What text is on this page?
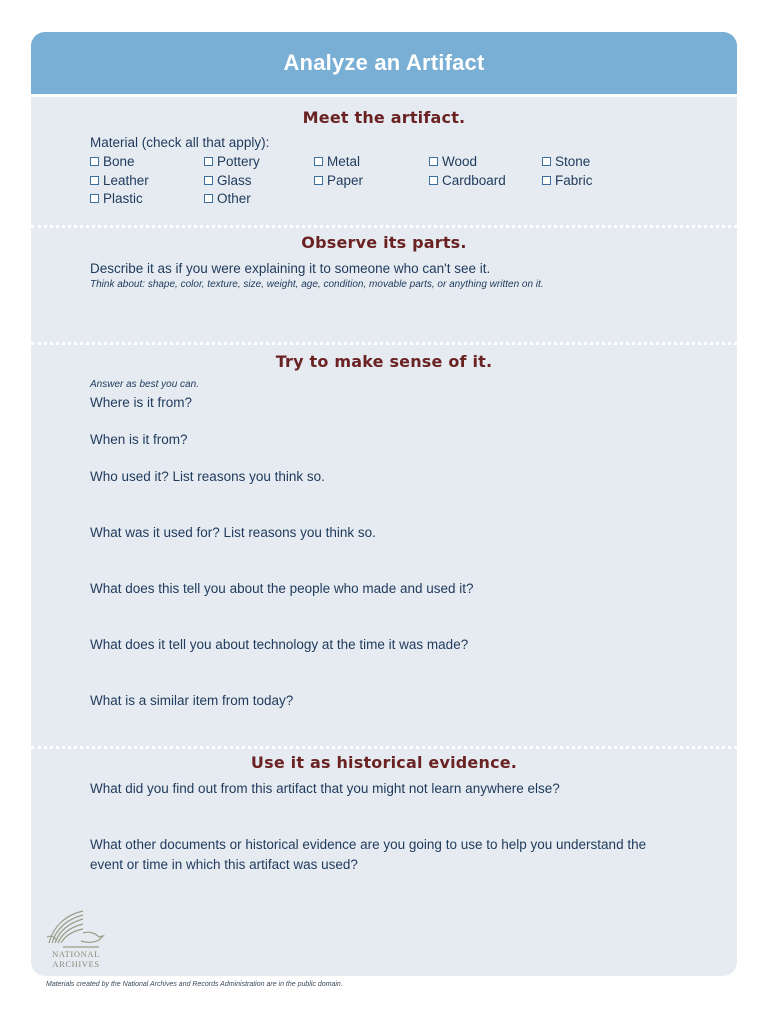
Analyze an Artifact

Meet the artifact.

Material (check all that apply):
Bone	Pottery	Metal	Wood	Stone
Leather	Glass	Paper	Cardboard	Fabric
Plastic	Other

Observe its parts.

Describe it as if you were explaining it to someone who can't see it.
Think about: shape, color, texture, size, weight, age, condition, movable parts, or anything written on it.

Try to make sense of it.

Answer as best you can.
Where is it from?
When is it from?
Who used it? List reasons you think so.
What was it used for? List reasons you think so.
What does this tell you about the people who made and used it?
What does it tell you about technology at the time it was made?
What is a similar item from today?

Use it as historical evidence.

What did you find out from this artifact that you might not learn anywhere else?
What other documents or historical evidence are you going to use to help you understand the
event or time in which this artifact was used?
NATIONAL
ARCHIVES
Materials created by the National Archives and Records Administration are in the public domain.
